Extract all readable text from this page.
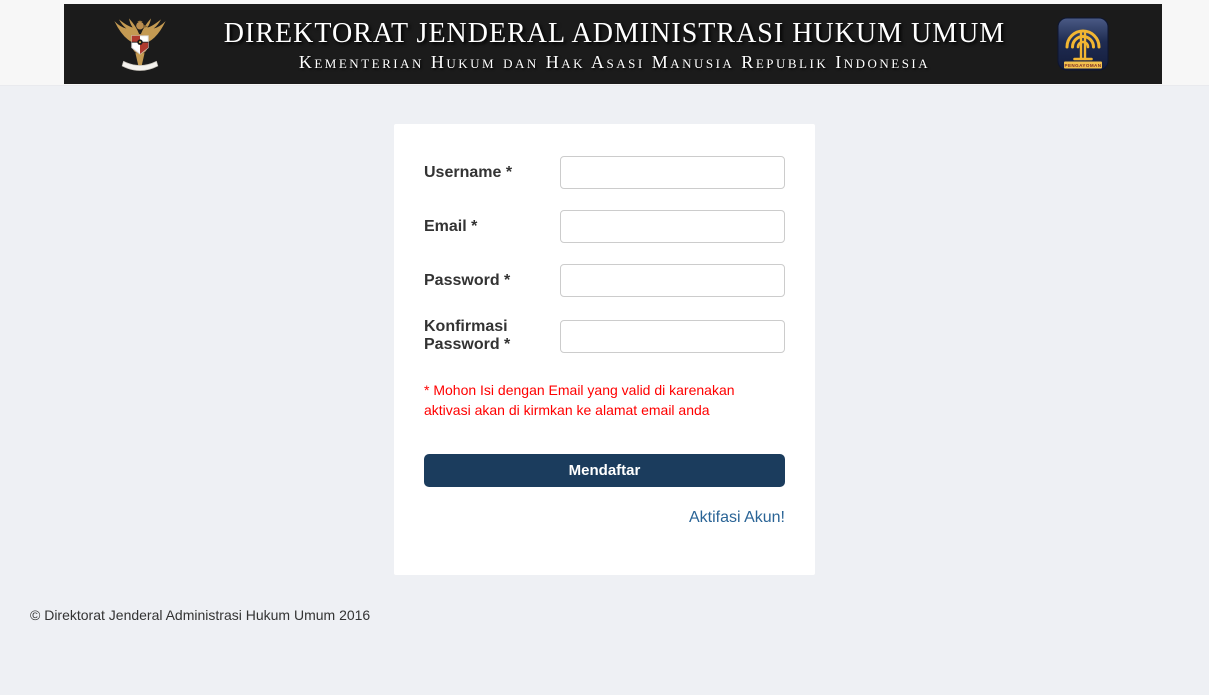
DIREKTORAT JENDERAL ADMINISTRASI HUKUM UMUM
Kementerian Hukum dan Hak Asasi Manusia Republik Indonesia	PENGAYOMAN
Username *
Email *
Password *
Konfirmasi Password *

* Mohon Isi dengan Email yang valid di karenakan aktivasi akan di kirmkan ke alamat email anda

Mendaftar
Aktifasi Akun!
© Direktorat Jenderal Administrasi Hukum Umum 2016
